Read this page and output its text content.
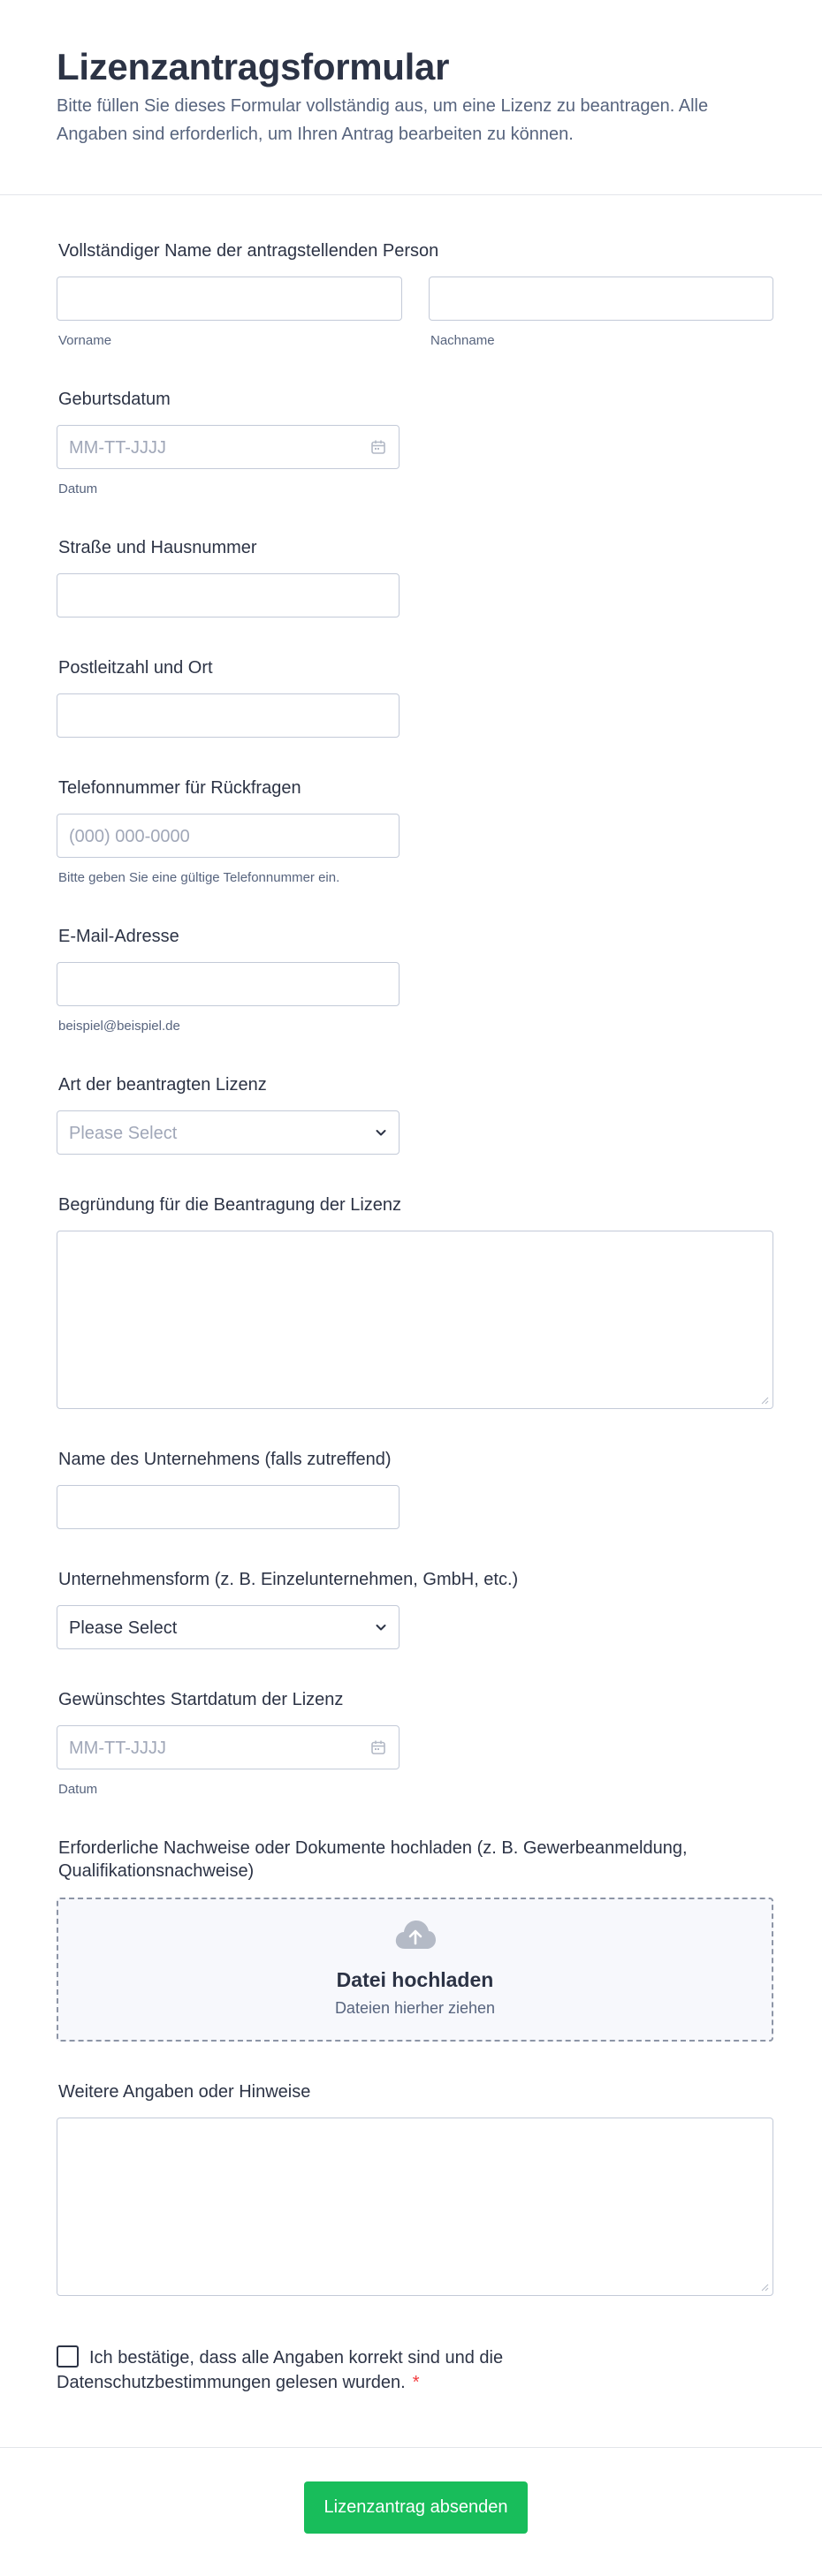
Lizenzantragsformular

Bitte füllen Sie dieses Formular vollständig aus, um eine Lizenz zu beantragen. Alle Angaben sind erforderlich, um Ihren Antrag bearbeiten zu können.

Vollständiger Name der antragstellenden Person
Vorname	Nachname
Geburtsdatum
MM-TT-JJJJ
Datum
Straße und Hausnummer
Postleitzahl und Ort
Telefonnummer für Rückfragen
(000) 000-0000
Bitte geben Sie eine gültige Telefonnummer ein.
E-Mail-Adresse
beispiel@beispiel.de
Art der beantragten Lizenz
Please Select
Begründung für die Beantragung der Lizenz
Name des Unternehmens (falls zutreffend)
Unternehmensform (z. B. Einzelunternehmen, GmbH, etc.)
Please Select
Gewünschtes Startdatum der Lizenz
MM-TT-JJJJ
Datum
Erforderliche Nachweise oder Dokumente hochladen (z. B. Gewerbeanmeldung, Qualifikationsnachweise)
Datei hochladen
Dateien hierher ziehen
Weitere Angaben oder Hinweise
Ich bestätige, dass alle Angaben korrekt sind und die Datenschutzbestimmungen gelesen wurden. *
Lizenzantrag absenden
